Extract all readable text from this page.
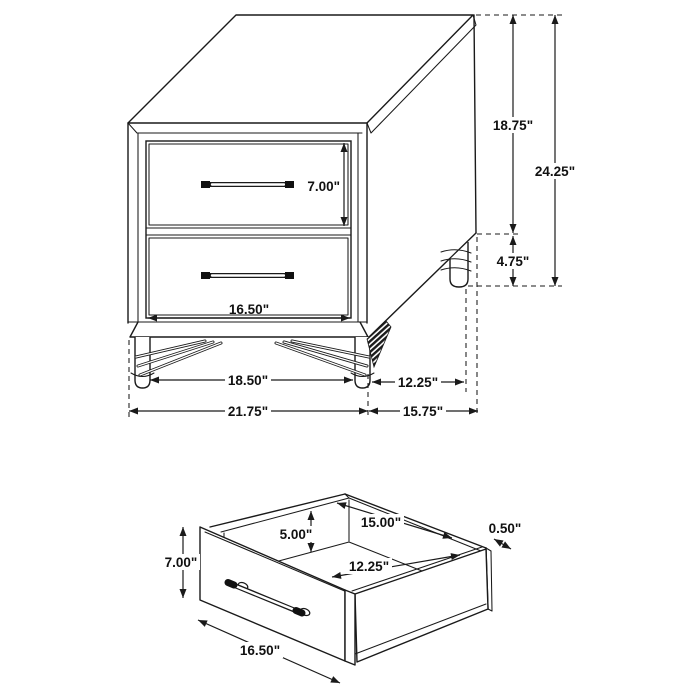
7.00"
16.50"
18.50"
21.75"
12.25"
15.75"
18.75"
24.25"
4.75"
7.00"
16.50"
5.00"
15.00"
12.25"
0.50"
